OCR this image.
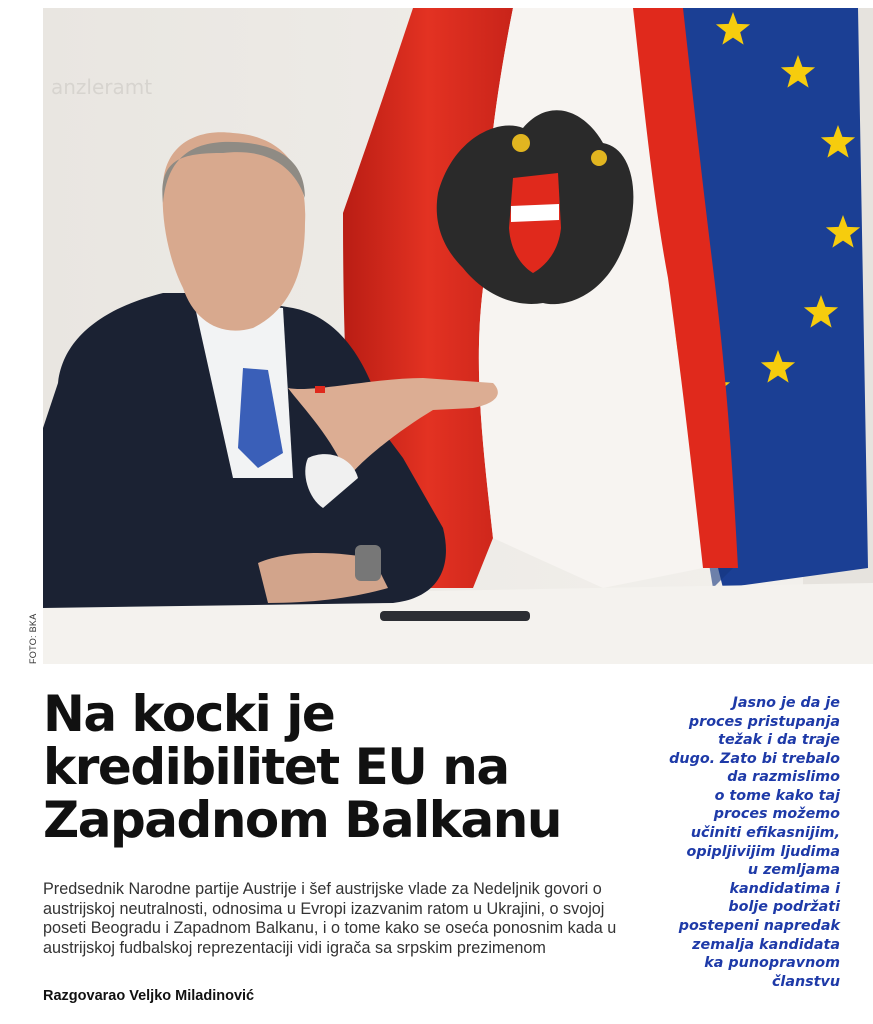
anzleramt
FOTO: BKA
Na kocki je
kredibilitet EU na
Zapadnom Balkanu

Predsednik Narodne partije Austrije i šef austrijske vlade za Nedeljnik govori o austrijskoj neutralnosti, odnosima u Evropi izazvanim ratom u Ukrajini, o svojoj poseti Beogradu i Zapadnom Balkanu, i o tome kako se oseća ponosnim kada u austrijskoj fudbalskoj reprezentaciji vidi igrača sa srpskim prezimenom

Razgovarao Veljko Miladinović

Jasno je da je
proces pristupanja
težak i da traje
dugo. Zato bi trebalo
da razmislimo
o tome kako taj
proces možemo
učiniti efikasnijim,
opipljivijim ljudima
u zemljama
kandidatima i
bolje podržati
postepeni napredak
zemalja kandidata
ka punopravnom
članstvu
